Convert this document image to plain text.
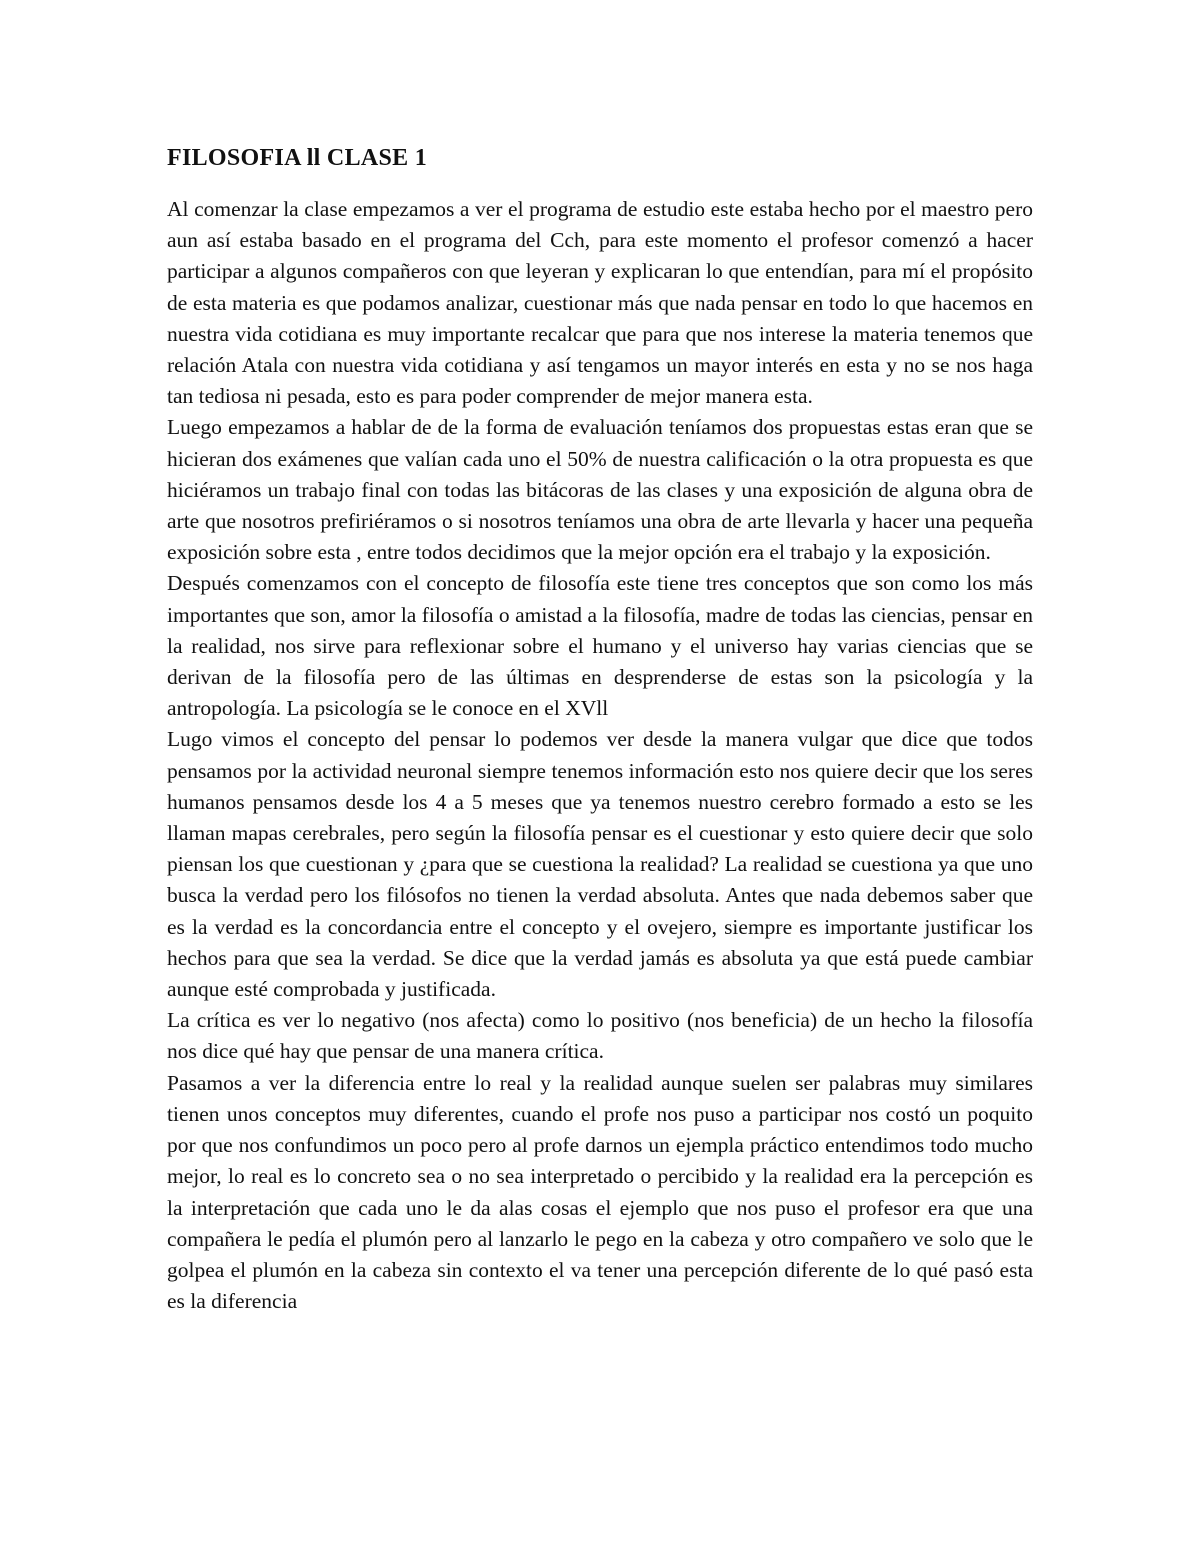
FILOSOFIA ll CLASE 1

Al comenzar la clase empezamos a ver el programa de estudio este estaba hecho por el maestro pero aun así estaba basado en el programa del Cch, para este momento el profesor comenzó a hacer participar a algunos compañeros con que leyeran y explicaran lo que entendían, para mí el propósito de esta materia es que podamos analizar, cuestionar más que nada pensar en todo lo que hacemos en nuestra vida cotidiana es muy importante recalcar que para que nos interese la materia tenemos que relación Atala con nuestra vida cotidiana y así tengamos un mayor interés en esta y no se nos haga tan tediosa ni pesada, esto es para poder comprender de mejor manera esta.

Luego empezamos a hablar de de la forma de evaluación teníamos dos propuestas estas eran que se hicieran dos exámenes que valían cada uno el 50% de nuestra calificación o la otra propuesta es que hiciéramos un trabajo final con todas las bitácoras de las clases y una exposición de alguna obra de arte que nosotros prefiriéramos o si nosotros teníamos una obra de arte llevarla y hacer una pequeña exposición sobre esta , entre todos decidimos que la mejor opción era el trabajo y la exposición.

Después comenzamos con el concepto de filosofía este tiene tres conceptos que son como los más importantes que son, amor la filosofía o amistad a la filosofía, madre de todas las ciencias, pensar en la realidad, nos sirve para reflexionar sobre el humano y el universo hay varias ciencias que se derivan de la filosofía pero de las últimas en desprenderse de estas son la psicología y la antropología. La psicología se le conoce en el XVll

Lugo vimos el concepto del pensar lo podemos ver desde la manera vulgar que dice que todos pensamos por la actividad neuronal siempre tenemos información esto nos quiere decir que los seres humanos pensamos desde los 4 a 5 meses que ya tenemos nuestro cerebro formado a esto se les llaman mapas cerebrales, pero según la filosofía pensar es el cuestionar y esto quiere decir que solo piensan los que cuestionan y ¿para que se cuestiona la realidad? La realidad se cuestiona ya que uno busca la verdad pero los filósofos no tienen la verdad absoluta. Antes que nada debemos saber que es la verdad es la concordancia entre el concepto y el ovejero, siempre es importante justificar los hechos para que sea la verdad. Se dice que la verdad jamás es absoluta ya que está puede cambiar aunque esté comprobada y justificada.

La crítica es ver lo negativo (nos afecta) como lo positivo (nos beneficia) de un hecho la filosofía nos dice qué hay que pensar de una manera crítica.

Pasamos a ver la diferencia entre lo real y la realidad aunque suelen ser palabras muy similares tienen unos conceptos muy diferentes, cuando el profe nos puso a participar nos costó un poquito por que nos confundimos un poco pero al profe darnos un ejempla práctico entendimos todo mucho mejor, lo real es lo concreto sea o no sea interpretado o percibido y la realidad era la percepción es la interpretación que cada uno le da alas cosas el ejemplo que nos puso el profesor era que una compañera le pedía el plumón pero al lanzarlo le pego en la cabeza y otro compañero ve solo que le golpea el plumón en la cabeza sin contexto el va tener una percepción diferente de lo qué pasó esta es la diferencia
